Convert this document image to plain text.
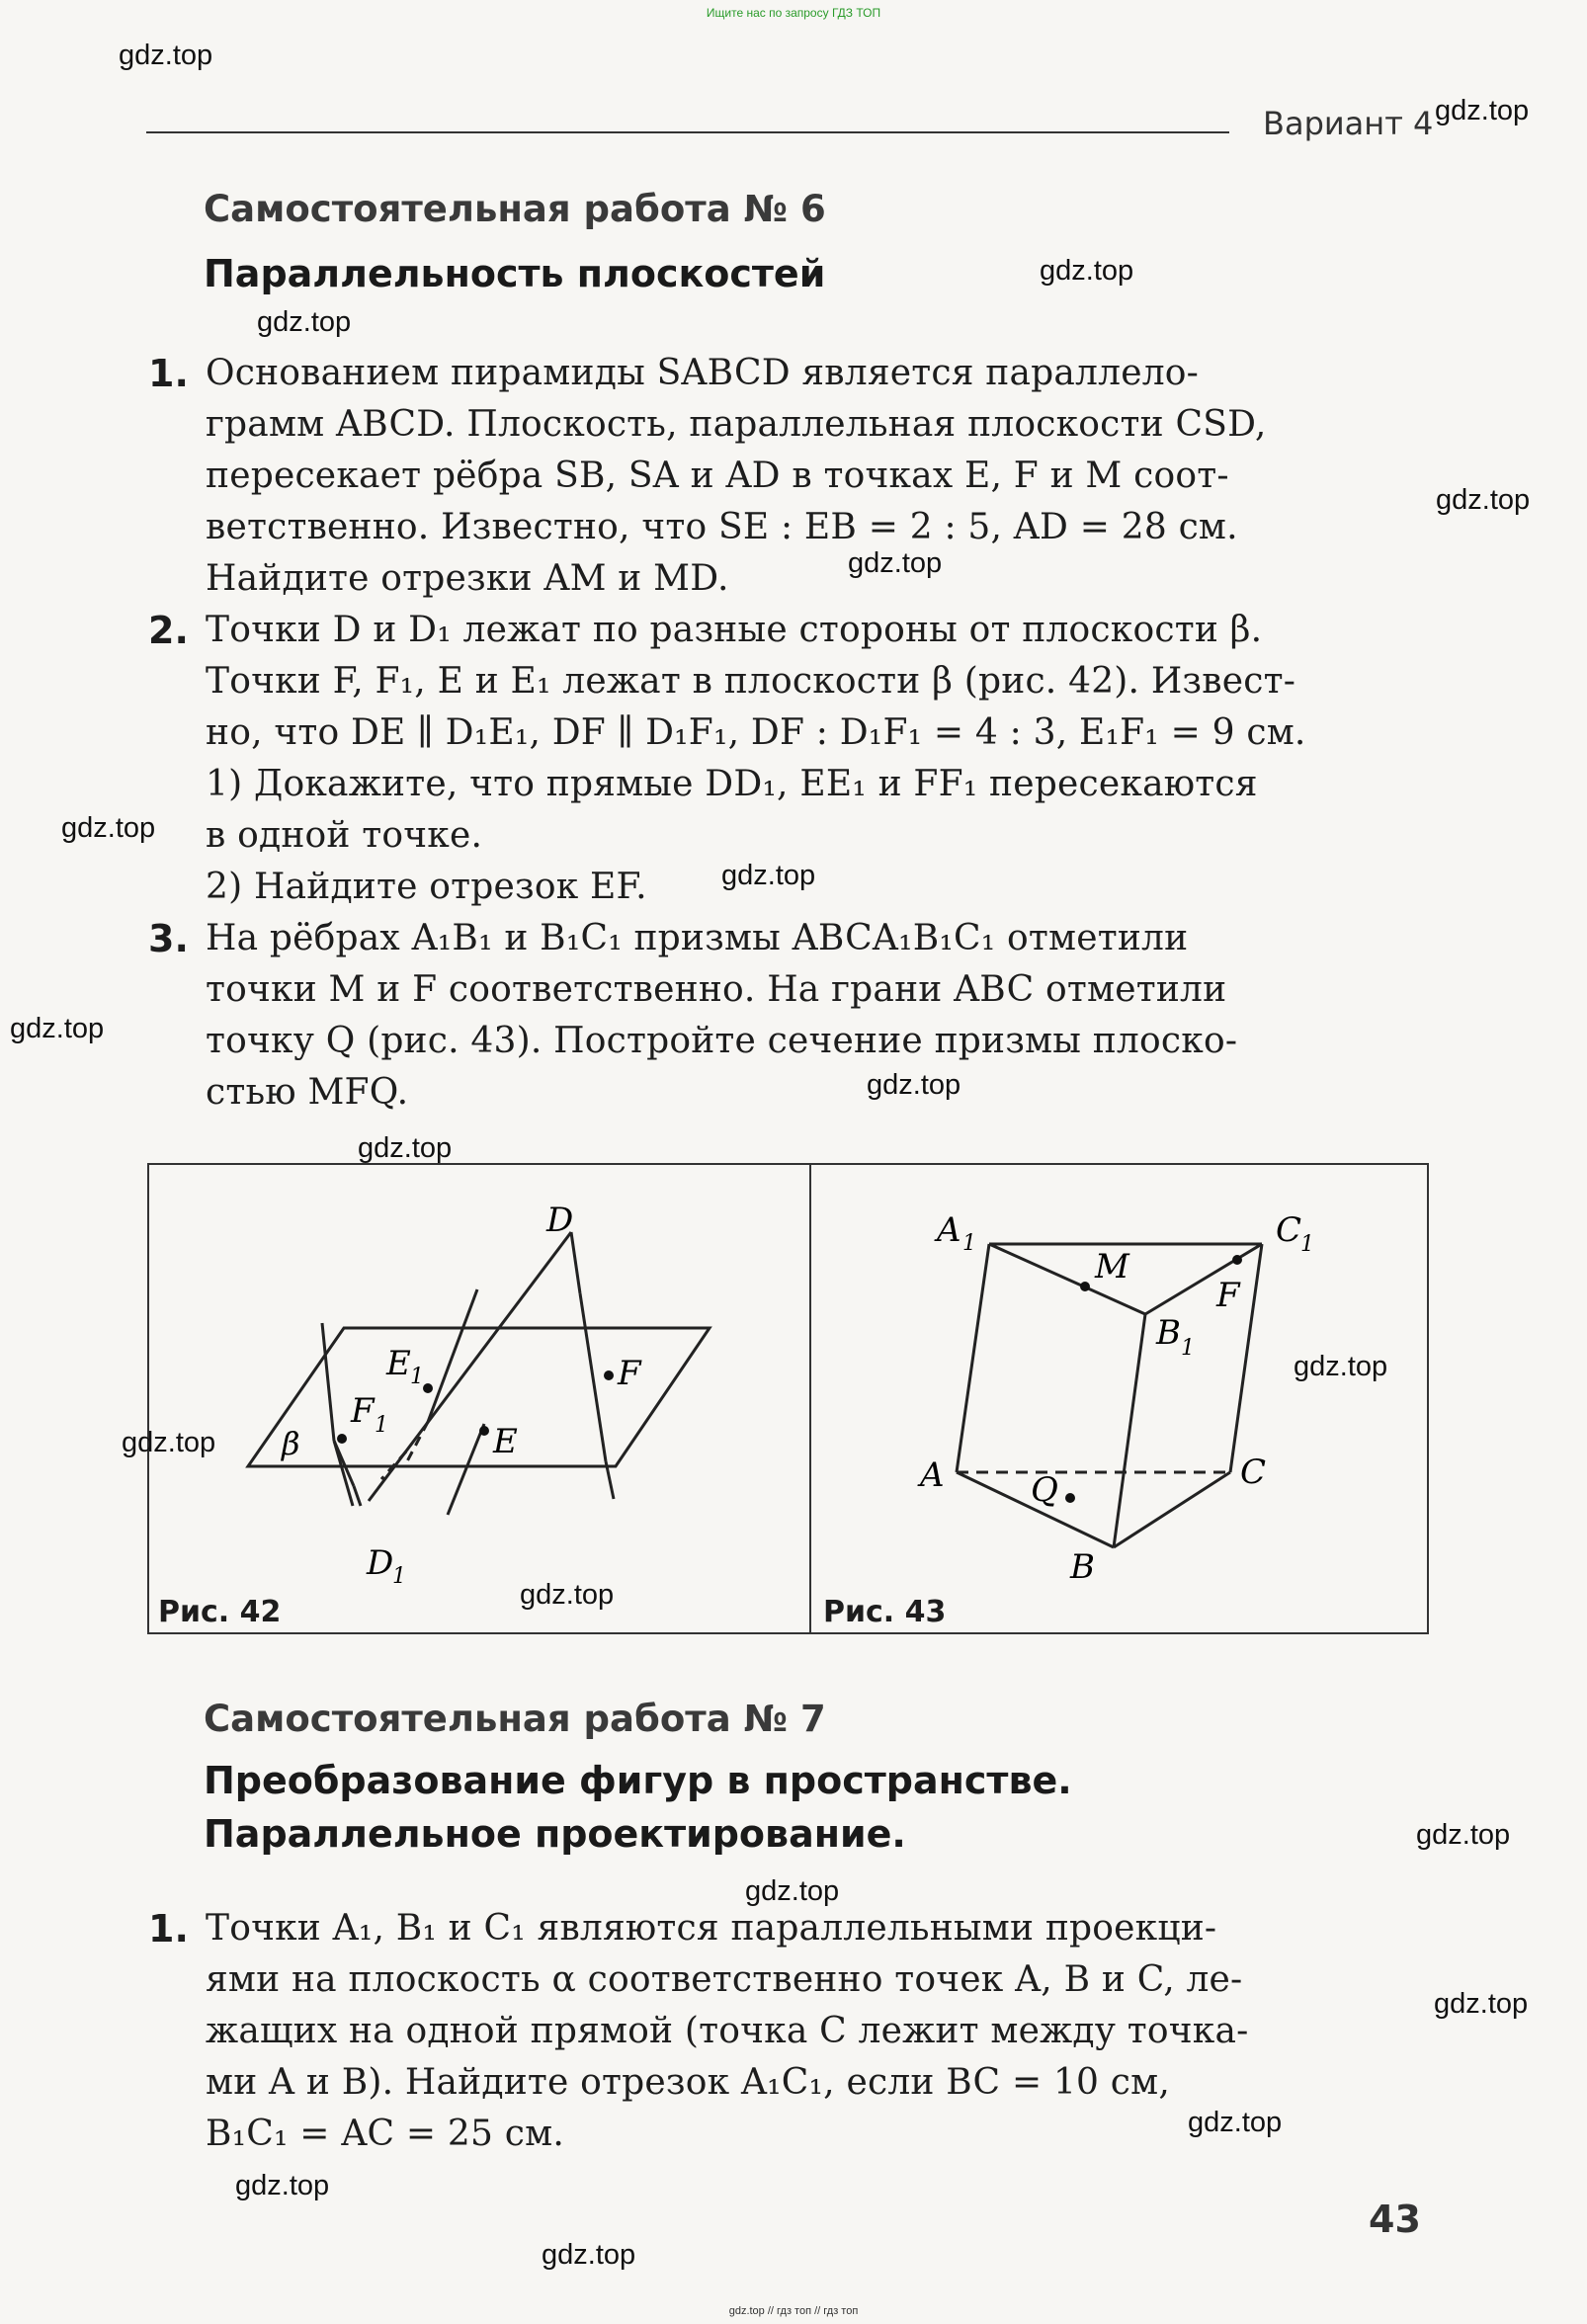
Ищите нас по запросу ГДЗ ТОП
gdz.top
gdz.top
Вариант 4
Самостоятельная работа № 6
Параллельность плоскостей	gdz.top
gdz.top
1. Основанием пирамиды SABCD является параллело-
грамм ABCD. Плоскость, параллельная плоскости CSD,
пересекает рёбра SB, SA и AD в точках E, F и M соот-
ветственно. Известно, что SE : EB = 2 : 5, AD = 28 см.
Найдите отрезки AM и MD.
gdz.top
gdz.top
2. Точки D и D₁ лежат по разные стороны от плоскости β.
Точки F, F₁, E и E₁ лежат в плоскости β (рис. 42). Извест-
но, что DE ∥ D₁E₁, DF ∥ D₁F₁, DF : D₁F₁ = 4 : 3, E₁F₁ = 9 см.
1) Докажите, что прямые DD₁, EE₁ и FF₁ пересекаются
в одной точке.
2) Найдите отрезок EF.
gdz.top
gdz.top
3. На рёбрах A₁B₁ и B₁C₁ призмы ABCA₁B₁C₁ отметили
точки M и F соответственно. На грани ABC отметили
точку Q (рис. 43). Постройте сечение призмы плоско-
стью MFQ.
gdz.top
gdz.top
gdz.top
D
D
1
E 1
F 1	E
F
β
A 1	C
1
B 1
M
F
A
B
C
Q
Рис. 42	Рис. 43
gdz.top
gdz.top
gdz.top
Самостоятельная работа № 7
Преобразование фигур в пространстве.
Параллельное проектирование.	gdz.top
gdz.top
1. Точки A₁, B₁ и C₁ являются параллельными проекци-
ями на плоскость α соответственно точек A, B и C, ле-
жащих на одной прямой (точка C лежит между точка-
ми A и B). Найдите отрезок A₁C₁, если BC = 10 см,
B₁C₁ = AC = 25 см.
gdz.top
gdz.top
gdz.top
gdz.top
43
gdz.top // гдз топ // гдз топ
